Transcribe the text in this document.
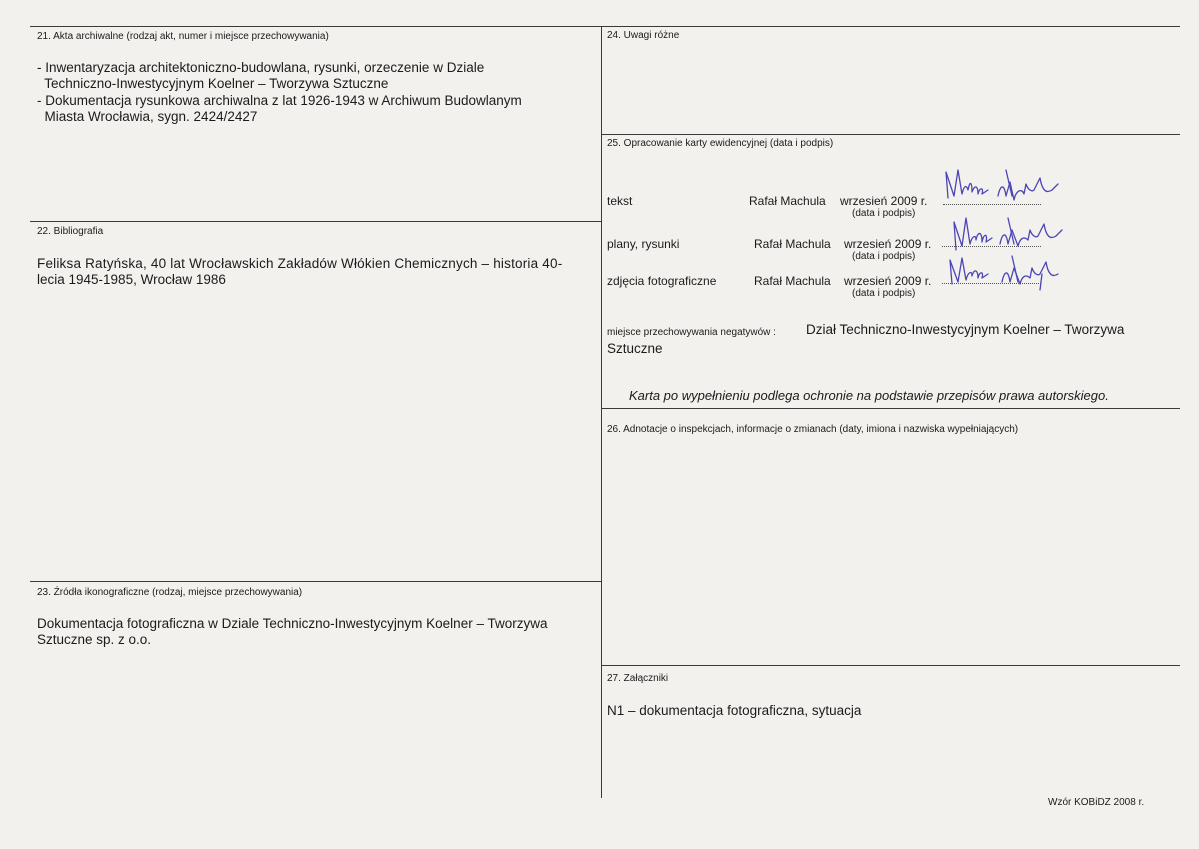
21. Akta archiwalne (rodzaj akt, numer i miejsce przechowywania)
- Inwentaryzacja architektoniczno-budowlana, rysunki, orzeczenie w Dziale
Techniczno-Inwestycyjnym Koelner – Tworzywa Sztuczne
- Dokumentacja rysunkowa archiwalna z lat 1926-1943 w Archiwum Budowlanym
Miasta Wrocławia, sygn. 2424/2427
22. Bibliografia
Feliksa Ratyńska, 40 lat Wrocławskich Zakładów Włókien Chemicznych – historia 40-
lecia 1945-1985, Wrocław 1986
23. Źródła ikonograficzne (rodzaj, miejsce przechowywania)
Dokumentacja fotograficzna w Dziale Techniczno-Inwestycyjnym Koelner – Tworzywa
Sztuczne sp. z o.o.
24. Uwagi różne
25. Opracowanie karty ewidencyjnej (data i podpis)
tekst	Rafał Machula wrzesień 2009 r.
(data i podpis)
plany, rysunki	Rafał Machula wrzesień 2009 r.
(data i podpis)
zdjęcia fotograficzne	Rafał Machula wrzesień 2009 r.
(data i podpis)
miejsce przechowywania negatywów : Dział Techniczno-Inwestycyjnym Koelner – Tworzywa
Sztuczne
Karta po wypełnieniu podlega ochronie na podstawie przepisów prawa autorskiego.
26. Adnotacje o inspekcjach, informacje o zmianach (daty, imiona i nazwiska wypełniających)
27. Załączniki
N1 – dokumentacja fotograficzna, sytuacja
Wzór KOBiDZ 2008 r.
